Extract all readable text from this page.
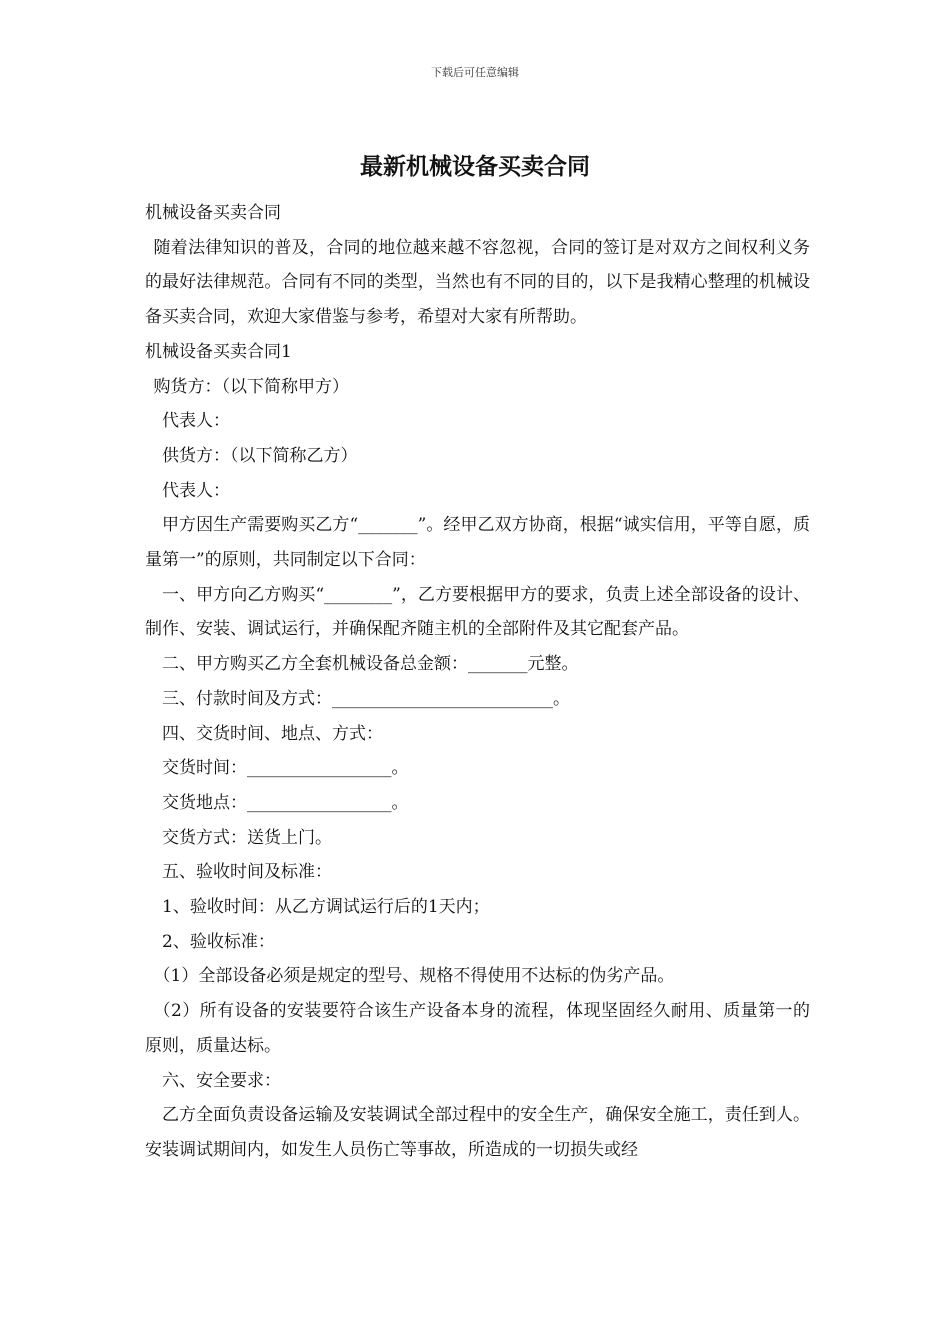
下载后可任意编辑
最新机械设备买卖合同

机械设备买卖合同

随着法律知识的普及，合同的地位越来越不容忽视，合同的签订是对双方之间权利义务的最好法律规范。合同有不同的类型，当然也有不同的目的，以下是我精心整理的机械设备买卖合同，欢迎大家借鉴与参考，希望对大家有所帮助。

机械设备买卖合同1

购货方：（以下简称甲方）

代表人：

供货方：（以下简称乙方）

代表人：

甲方因生产需要购买乙方“_______”。经甲乙双方协商，根据“诚实信用，平等自愿，质量第一”的原则，共同制定以下合同：

一、甲方向乙方购买“________”，乙方要根据甲方的要求，负责上述全部设备的设计、制作、安装、调试运行，并确保配齐随主机的全部附件及其它配套产品。

二、甲方购买乙方全套机械设备总金额：_______元整。

三、付款时间及方式：__________________________。

四、交货时间、地点、方式：

交货时间：_________________。

交货地点：_________________。

交货方式：送货上门。

五、验收时间及标准：

1、验收时间：从乙方调试运行后的1天内；

2、验收标准：

（1）全部设备必须是规定的型号、规格不得使用不达标的伪劣产品。

（2）所有设备的安装要符合该生产设备本身的流程，体现坚固经久耐用、质量第一的原则，质量达标。

六、安全要求：

乙方全面负责设备运输及安装调试全部过程中的安全生产，确保安全施工，责任到人。安装调试期间内，如发生人员伤亡等事故，所造成的一切损失或经
